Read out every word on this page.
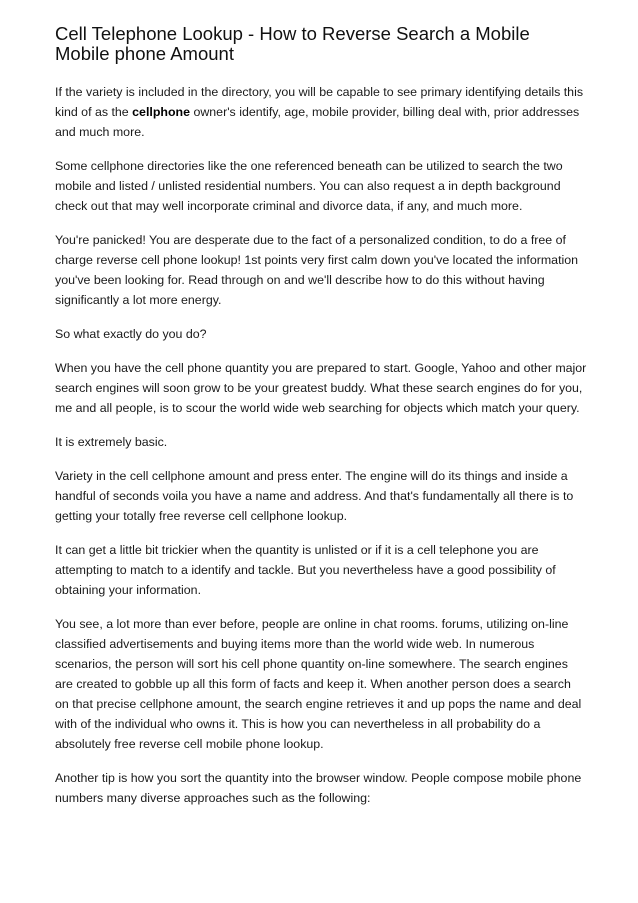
Cell Telephone Lookup - How to Reverse Search a Mobile Mobile phone Amount

If the variety is included in the directory, you will be capable to see primary identifying details this kind of as the cellphone owner's identify, age, mobile provider, billing deal with, prior addresses and much more.

Some cellphone directories like the one referenced beneath can be utilized to search the two mobile and listed / unlisted residential numbers. You can also request a in depth background check out that may well incorporate criminal and divorce data, if any, and much more.

You're panicked! You are desperate due to the fact of a personalized condition, to do a free of charge reverse cell phone lookup! 1st points very first calm down you've located the information you've been looking for. Read through on and we'll describe how to do this without having significantly a lot more energy.

So what exactly do you do?

When you have the cell phone quantity you are prepared to start. Google, Yahoo and other major search engines will soon grow to be your greatest buddy. What these search engines do for you, me and all people, is to scour the world wide web searching for objects which match your query.

It is extremely basic.

Variety in the cell cellphone amount and press enter. The engine will do its things and inside a handful of seconds voila you have a name and address. And that's fundamentally all there is to getting your totally free reverse cell cellphone lookup.

It can get a little bit trickier when the quantity is unlisted or if it is a cell telephone you are attempting to match to a identify and tackle. But you nevertheless have a good possibility of obtaining your information.

You see, a lot more than ever before, people are online in chat rooms. forums, utilizing on-line classified advertisements and buying items more than the world wide web. In numerous scenarios, the person will sort his cell phone quantity on-line somewhere. The search engines are created to gobble up all this form of facts and keep it. When another person does a search on that precise cellphone amount, the search engine retrieves it and up pops the name and deal with of the individual who owns it. This is how you can nevertheless in all probability do a absolutely free reverse cell mobile phone lookup.

Another tip is how you sort the quantity into the browser window. People compose mobile phone numbers many diverse approaches such as the following:
